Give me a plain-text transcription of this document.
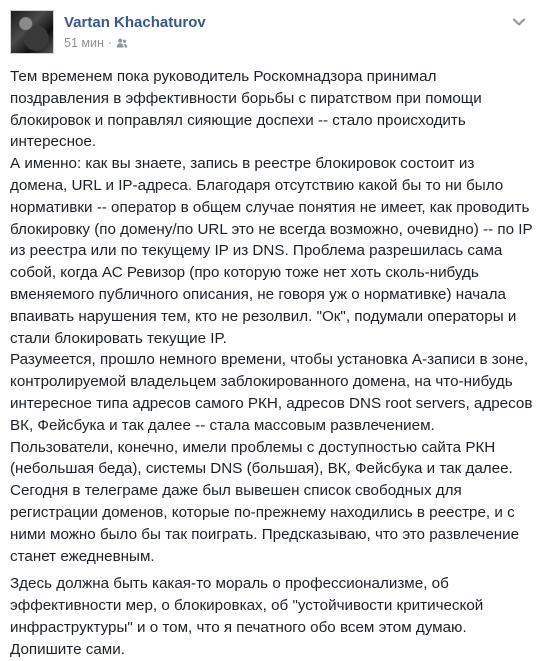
Vartan Khachaturov
51 мин ·

Тем временем пока руководитель Роскомнадзора принимал поздравления в эффективности борьбы с пиратством при помощи блокировок и поправлял сияющие доспехи -- стало происходить интересное.

А именно: как вы знаете, запись в реестре блокировок состоит из домена, URL и IP-адреса. Благодаря отсутствию какой бы то ни было нормативки -- оператор в общем случае понятия не имеет, как проводить блокировку (по домену/по URL это не всегда возможно, очевидно) -- по IP из реестра или по текущему IP из DNS. Проблема разрешилась сама собой, когда АС Ревизор (про которую тоже нет хоть сколь-нибудь вменяемого публичного описания, не говоря уж о нормативке) начала впаивать нарушения тем, кто не резолвил. "Ок", подумали операторы и стали блокировать текущие IP.

Разумеется, прошло немного времени, чтобы установка А-записи в зоне, контролируемой владельцем заблокированного домена, на что-нибудь интересное типа адресов самого РКН, адресов DNS root servers, адресов ВК, Фейсбука и так далее -- стала массовым развлечением. Пользователи, конечно, имели проблемы с доступностью сайта РКН (небольшая беда), системы DNS (большая), ВК, Фейсбука и так далее. Сегодня в телеграме даже был вывешен список свободных для регистрации доменов, которые по-прежнему находились в реестре, и с ними можно было бы так поиграть. Предсказываю, что это развлечение станет ежедневным.

Здесь должна быть какая-то мораль о профессионализме, об эффективности мер, о блокировках, об "устойчивости критической инфраструктуры" и о том, что я печатного обо всем этом думаю. Допишите сами.
